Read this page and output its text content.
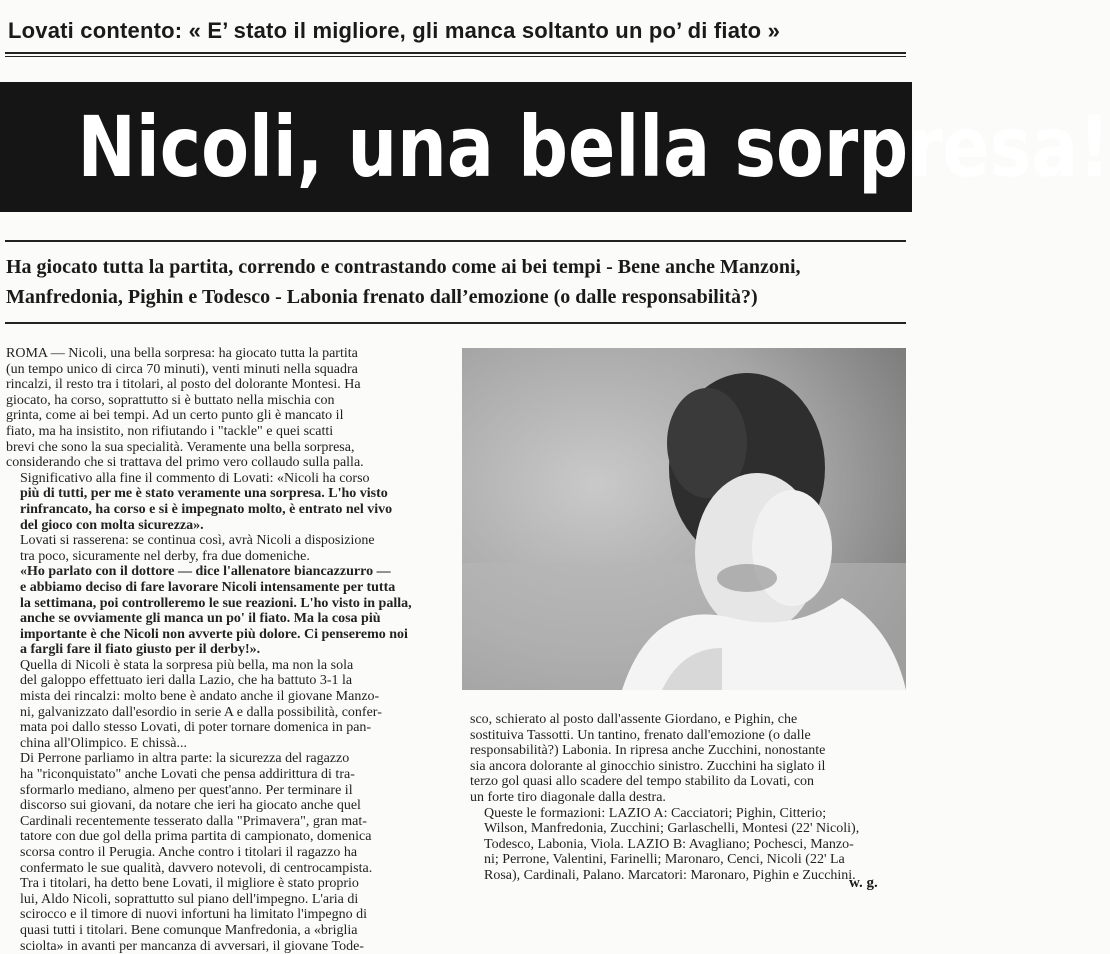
Lovati contento: « E’ stato il migliore, gli manca soltanto un po’ di fiato »
Nicoli, una bella sorpresa!
Ha giocato tutta la partita, correndo e contrastando come ai bei tempi - Bene anche Manzoni,
Manfredonia, Pighin e Todesco - Labonia frenato dall’emozione (o dalle responsabilità?)

ROMA — Nicoli, una bella sorpresa: ha giocato tutta la partita
(un tempo unico di circa 70 minuti), venti minuti nella squadra
rincalzi, il resto tra i titolari, al posto del dolorante Montesi. Ha
giocato, ha corso, soprattutto si è buttato nella mischia con
grinta, come ai bei tempi. Ad un certo punto gli è mancato il
fiato, ma ha insistito, non rifiutando i "tackle" e quei scatti
brevi che sono la sua specialità. Veramente una bella sorpresa,
considerando che si trattava del primo vero collaudo sulla palla.

Significativo alla fine il commento di Lovati: «Nicoli ha corso
più di tutti, per me è stato veramente una sorpresa. L'ho visto
rinfrancato, ha corso e si è impegnato molto, è entrato nel vivo
del gioco con molta sicurezza».

Lovati si rasserena: se continua così, avrà Nicoli a disposizione
tra poco, sicuramente nel derby, fra due domeniche.

«Ho parlato con il dottore — dice l'allenatore biancazzurro —
e abbiamo deciso di fare lavorare Nicoli intensamente per tutta
la settimana, poi controlleremo le sue reazioni. L'ho visto in palla,
anche se ovviamente gli manca un po' il fiato. Ma la cosa più
importante è che Nicoli non avverte più dolore. Ci penseremo noi
a fargli fare il fiato giusto per il derby!».

Quella di Nicoli è stata la sorpresa più bella, ma non la sola
del galoppo effettuato ieri dalla Lazio, che ha battuto 3-1 la
mista dei rincalzi: molto bene è andato anche il giovane Manzo-
ni, galvanizzato dall'esordio in serie A e dalla possibilità, confer-
mata poi dallo stesso Lovati, di poter tornare domenica in pan-
china all'Olimpico. E chissà...

Di Perrone parliamo in altra parte: la sicurezza del ragazzo
ha "riconquistato" anche Lovati che pensa addirittura di tra-
sformarlo mediano, almeno per quest'anno. Per terminare il
discorso sui giovani, da notare che ieri ha giocato anche quel
Cardinali recentemente tesserato dalla "Primavera", gran mat-
tatore con due gol della prima partita di campionato, domenica
scorsa contro il Perugia. Anche contro i titolari il ragazzo ha
confermato le sue qualità, davvero notevoli, di centrocampista.

Tra i titolari, ha detto bene Lovati, il migliore è stato proprio
lui, Aldo Nicoli, soprattutto sul piano dell'impegno. L'aria di
scirocco e il timore di nuovi infortuni ha limitato l'impegno di
quasi tutti i titolari. Bene comunque Manfredonia, a «briglia
sciolta» in avanti per mancanza di avversari, il giovane Tode-

sco, schierato al posto dall'assente Giordano, e Pighin, che
sostituiva Tassotti. Un tantino, frenato dall'emozione (o dalle
responsabilità?) Labonia. In ripresa anche Zucchini, nonostante
sia ancora dolorante al ginocchio sinistro. Zucchini ha siglato il
terzo gol quasi allo scadere del tempo stabilito da Lovati, con
un forte tiro diagonale dalla destra.

Queste le formazioni: LAZIO A: Cacciatori; Pighin, Citterio;
Wilson, Manfredonia, Zucchini; Garlaschelli, Montesi (22' Nicoli),
Todesco, Labonia, Viola. LAZIO B: Avagliano; Pochesci, Manzo-
ni; Perrone, Valentini, Farinelli; Maronaro, Cenci, Nicoli (22' La
Rosa), Cardinali, Palano. Marcatori: Maronaro, Pighin e Zucchini.

w. g.
